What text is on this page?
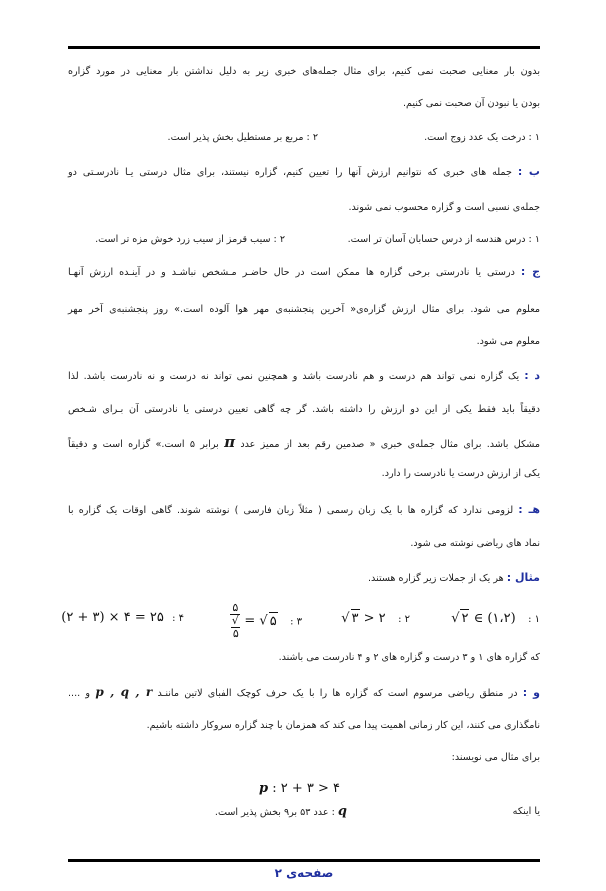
بدون بار معنایی صحبت نمی کنیم، برای مثال جمله‌های خبری زیر به دلیل نداشتن بار معنایی در مورد گزاره
بودن یا نبودن آن صحبت نمی کنیم.
۱ : درخت یک عدد زوج است.
۲ : مربع بر مستطیل بخش پذیر است.
ب : جمله های خبری که نتوانیم ارزش آنها را تعیین کنیم، گزاره نیستند، برای مثال درستی یـا نادرسـتی دو
جمله‌ی نسبی است و گزاره محسوب نمی شوند.
۱ : درس هندسه از درس حسابان آسان تر است.
۲ : سیب قرمز از سیب زرد خوش مزه تر است.
ج : درستی یا نادرستی برخی گزاره ها ممکن است در حال حاضـر مـشخص نباشـد و در آینـده ارزش آنهـا
معلوم می شود. برای مثال ارزش گزاره‌ی« آخرین پنجشنبه‌ی مهر هوا آلوده است.» روز پنجشنبه‌ی آخر مهر
معلوم می شود.
د : یک گزاره نمی تواند هم درست و هم نادرست باشد و همچنین نمی تواند نه درست و نه نادرست باشد. لذا
دقیقاً باید فقط یکی از این دو ارزش را داشته باشد. گر چه گاهی تعیین درستی یا نادرستی آن بـرای شـخص
مشکل باشد. برای مثال جمله‌ی خبری « صدمین رقم بعد از ممیز عدد π برابر ۵ است.» گزاره است و دقیقاً
یکی از ارزش درست یا نادرست را دارد.
هـ : لزومی ندارد که گزاره ها با یک زبان رسمی ( مثلاً زبان فارسی ) نوشته شوند. گاهی اوقات یک گزاره با
نماد های ریاضی نوشته می شود.
مثال : هر یک از جملات زیر گزاره هستند.
√ ۲ ∈ (۱،۲) : ۱
√ ۳ > ۲ : ۲
۵
√
۵ = √ ۵ : ۳
(۲ + ۳) × ۴ = ۲۵ : ۴
که گزاره های ۱ و ۳ درست و گزاره های ۲ و ۴ نادرست می باشند.
و : در منطق ریاضی مرسوم است که گزاره ها را با یک حرف کوچک الفبای لاتین ماننـد p , q , r و ....
نامگذاری می کنند، این کار زمانی اهمیت پیدا می کند که همزمان با چند گزاره سروکار داشته باشیم.
برای مثال می نویسند:
p : ۲ + ۳ > ۴
یا اینکه
q : عدد ۵۳ بر۹ بخش پذیر است.
صفحه‌ی ۲
